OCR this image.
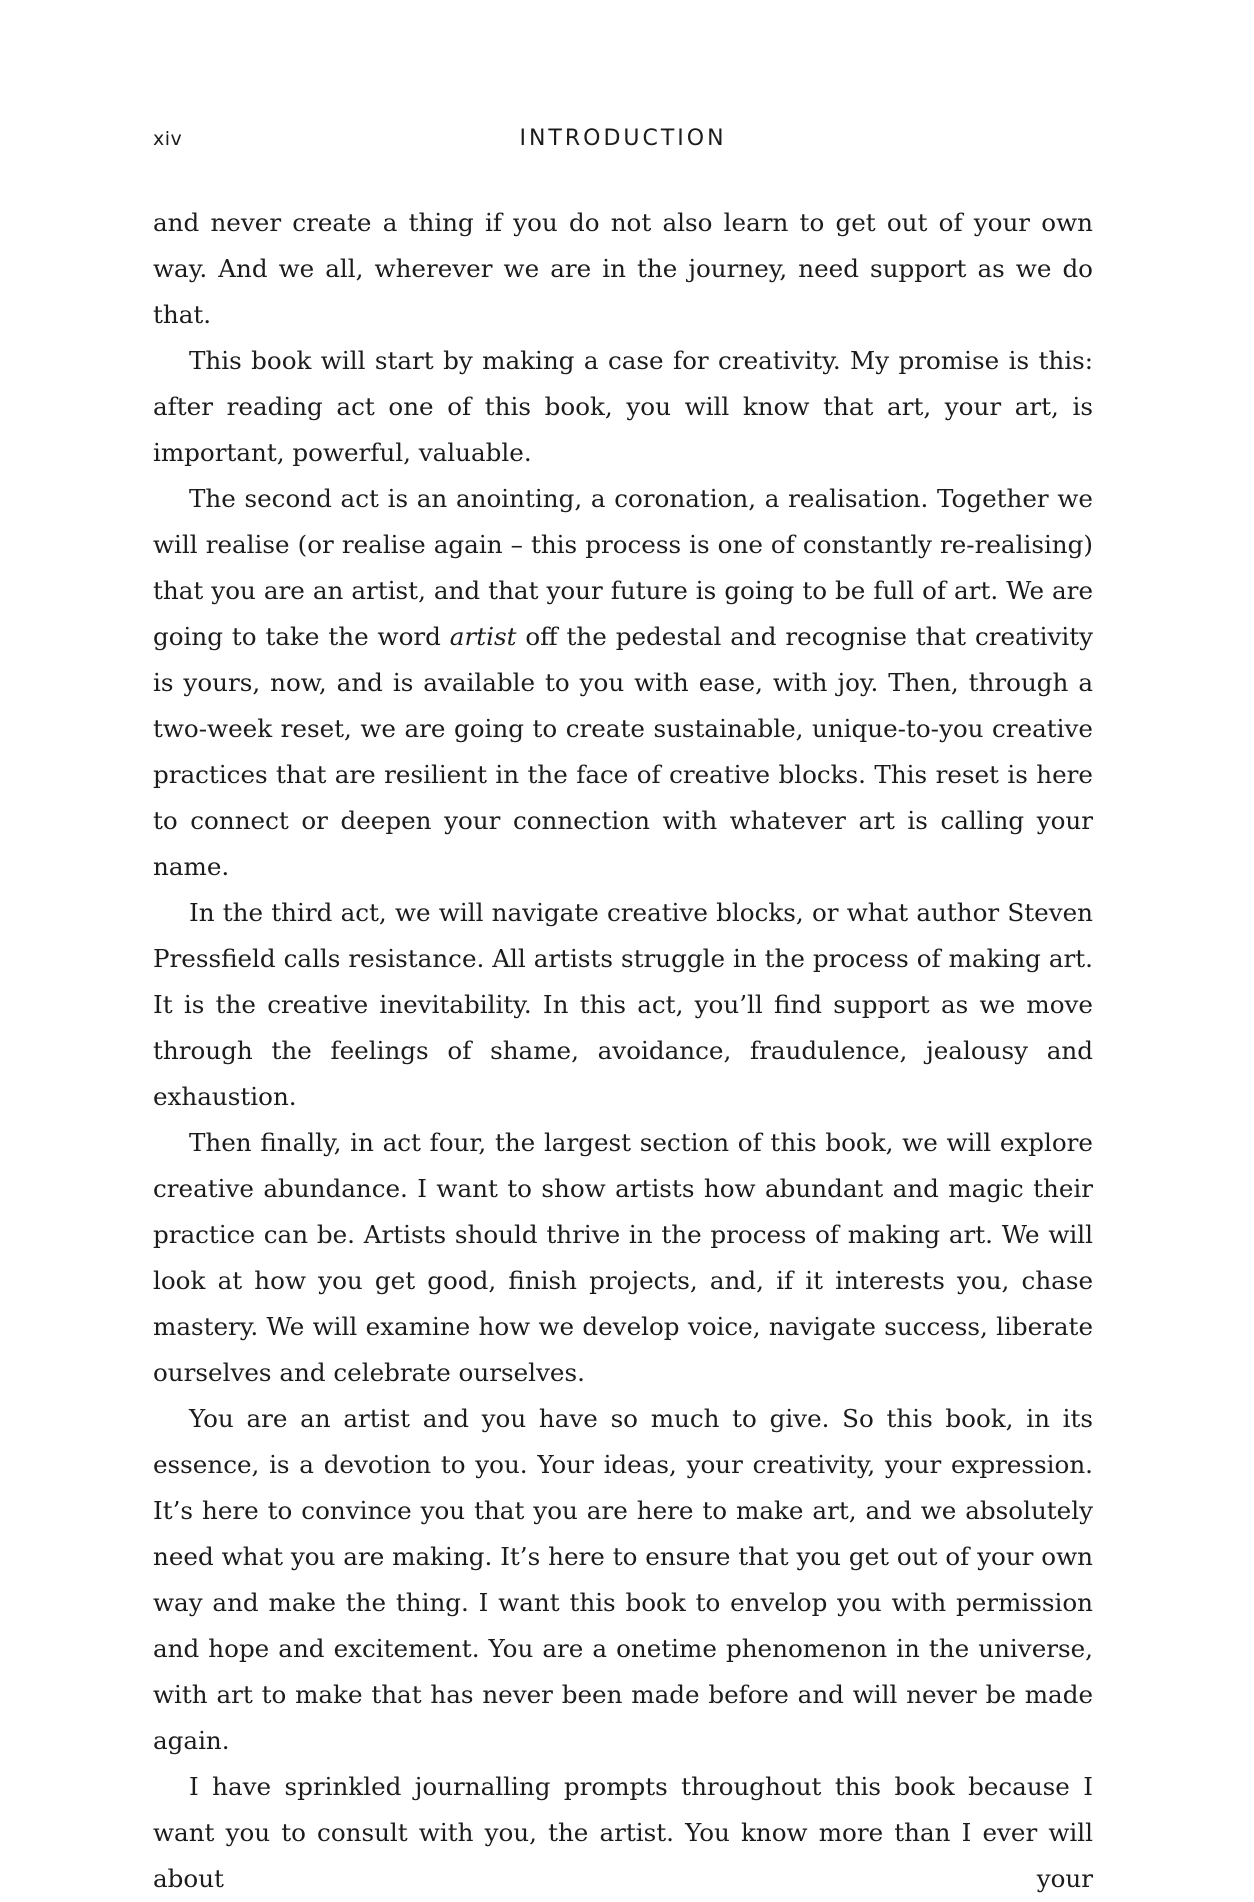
xiv	INTRODUCTION

and never create a thing if you do not also learn to get out of your own way. And we all, wherever we are in the journey, need support as we do that.

This book will start by making a case for creativity. My promise is this: after reading act one of this book, you will know that art, your art, is important, powerful, valuable.

The second act is an anointing, a coronation, a realisation. Together we will realise (or realise again – this process is one of constantly re-realising) that you are an artist, and that your future is going to be full of art. We are going to take the word artist off the pedestal and recognise that creativity is yours, now, and is available to you with ease, with joy. Then, through a two-week reset, we are going to create sustainable, unique-to-you creative practices that are resilient in the face of creative blocks. This reset is here to connect or deepen your connection with whatever art is calling your name.

In the third act, we will navigate creative blocks, or what author Steven Pressfield calls resistance. All artists struggle in the process of making art. It is the creative inevitability. In this act, you’ll find support as we move through the feelings of shame, avoidance, fraudulence, jealousy and exhaustion.

Then finally, in act four, the largest section of this book, we will explore creative abundance. I want to show artists how abundant and magic their practice can be. Artists should thrive in the process of making art. We will look at how you get good, finish projects, and, if it interests you, chase mastery. We will examine how we develop voice, navigate success, liberate ourselves and celebrate ourselves.

You are an artist and you have so much to give. So this book, in its essence, is a devotion to you. Your ideas, your creativity, your expression. It’s here to convince you that you are here to make art, and we absolutely need what you are making. It’s here to ensure that you get out of your own way and make the thing. I want this book to envelop you with permission and hope and excitement. You are a onetime phenomenon in the universe, with art to make that has never been made before and will never be made again.

I have sprinkled journalling prompts throughout this book because I want you to consult with you, the artist. You know more than I ever will about your
